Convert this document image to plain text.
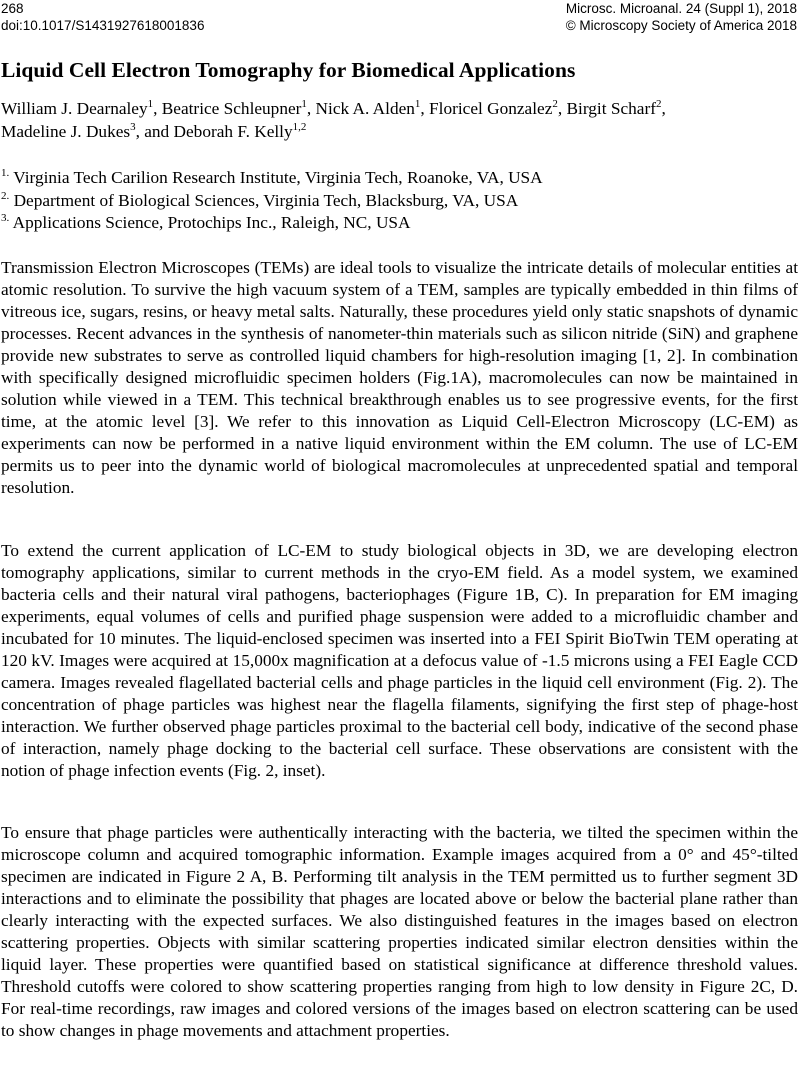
268
doi:10.1017/S1431927618001836
Microsc. Microanal. 24 (Suppl 1), 2018
© Microscopy Society of America 2018
Liquid Cell Electron Tomography for Biomedical Applications
William J. Dearnaley$^1$, Beatrice Schleupner$^1$, Nick A. Alden$^1$, Floricel Gonzalez$^2$, Birgit Scharf$^2$,
Madeline J. Dukes$^3$, and Deborah F. Kelly$^{1,2}$
$^{1.}$ Virginia Tech Carilion Research Institute, Virginia Tech, Roanoke, VA, USA
$^{2.}$ Department of Biological Sciences, Virginia Tech, Blacksburg, VA, USA
$^{3.}$ Applications Science, Protochips Inc., Raleigh, NC, USA

Transmission Electron Microscopes (TEMs) are ideal tools to visualize the intricate details of molecular entities at atomic resolution. To survive the high vacuum system of a TEM, samples are typically embedded in thin films of vitreous ice, sugars, resins, or heavy metal salts. Naturally, these procedures yield only static snapshots of dynamic processes. Recent advances in the synthesis of nanometer-thin materials such as silicon nitride (SiN) and graphene provide new substrates to serve as controlled liquid chambers for high-resolution imaging [1, 2]. In combination with specifically designed microfluidic specimen holders (Fig.1A), macromolecules can now be maintained in solution while viewed in a TEM. This technical breakthrough enables us to see progressive events, for the first time, at the atomic level [3]. We refer to this innovation as Liquid Cell-Electron Microscopy (LC-EM) as experiments can now be performed in a native liquid environment within the EM column. The use of LC-EM permits us to peer into the dynamic world of biological macromolecules at unprecedented spatial and temporal resolution.

To extend the current application of LC-EM to study biological objects in 3D, we are developing electron tomography applications, similar to current methods in the cryo-EM field. As a model system, we examined bacteria cells and their natural viral pathogens, bacteriophages (Figure 1B, C). In preparation for EM imaging experiments, equal volumes of cells and purified phage suspension were added to a microfluidic chamber and incubated for 10 minutes. The liquid-enclosed specimen was inserted into a FEI Spirit BioTwin TEM operating at 120 kV. Images were acquired at 15,000x magnification at a defocus value of -1.5 microns using a FEI Eagle CCD camera. Images revealed flagellated bacterial cells and phage particles in the liquid cell environment (Fig. 2). The concentration of phage particles was highest near the flagella filaments, signifying the first step of phage-host interaction. We further observed phage particles proximal to the bacterial cell body, indicative of the second phase of interaction, namely phage docking to the bacterial cell surface. These observations are consistent with the notion of phage infection events (Fig. 2, inset).

To ensure that phage particles were authentically interacting with the bacteria, we tilted the specimen within the microscope column and acquired tomographic information. Example images acquired from a 0° and 45°-tilted specimen are indicated in Figure 2 A, B. Performing tilt analysis in the TEM permitted us to further segment 3D interactions and to eliminate the possibility that phages are located above or below the bacterial plane rather than clearly interacting with the expected surfaces. We also distinguished features in the images based on electron scattering properties. Objects with similar scattering properties indicated similar electron densities within the liquid layer. These properties were quantified based on statistical significance at difference threshold values. Threshold cutoffs were colored to show scattering properties ranging from high to low density in Figure 2C, D. For real-time recordings, raw images and colored versions of the images based on electron scattering can be used to show changes in phage movements and attachment properties.
